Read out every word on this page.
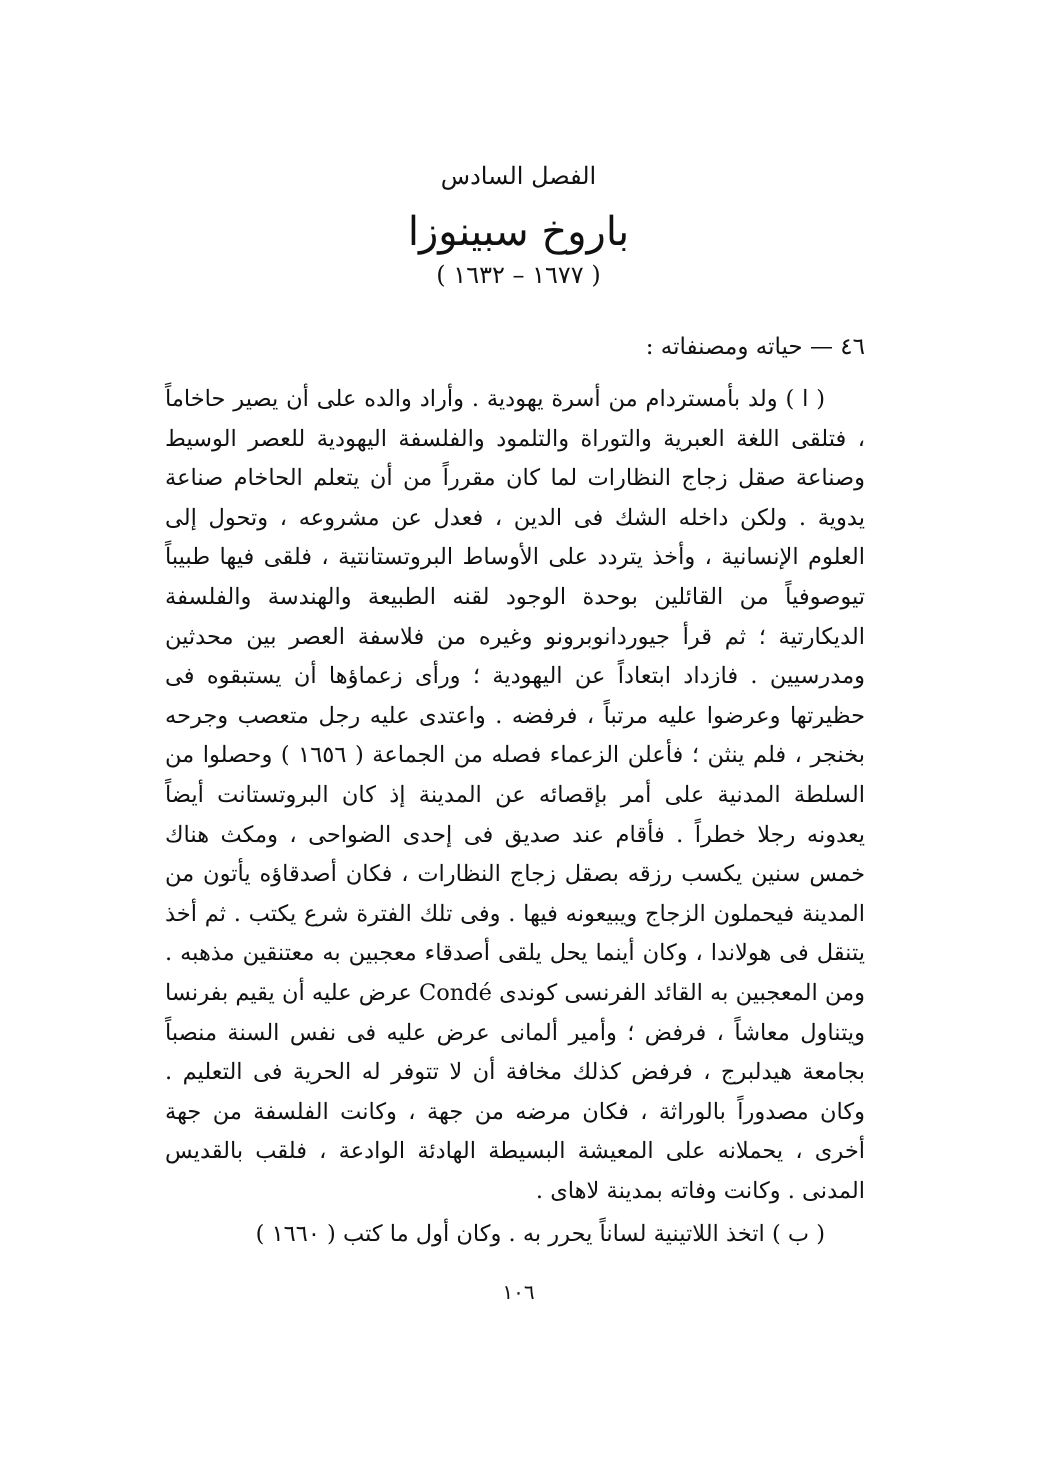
الفصل السادس
باروخ سبينوزا
( ١٦٧٧ – ١٦٣٢ )
٤٦ — حياته ومصنفاته :

( ا ) ولد بأمستردام من أسرة يهودية . وأراد والده على أن يصير حاخاماً ، فتلقى اللغة العبرية والتوراة والتلمود والفلسفة اليهودية للعصر الوسيط وصناعة صقل زجاج النظارات لما كان مقرراً من أن يتعلم الحاخام صناعة يدوية . ولكن داخله الشك فى الدين ، فعدل عن مشروعه ، وتحول إلى العلوم الإنسانية ، وأخذ يتردد على الأوساط البروتستانتية ، فلقى فيها طبيباً تيوصوفياً من القائلين بوحدة الوجود لقنه الطبيعة والهندسة والفلسفة الديكارتية ؛ ثم قرأ جيوردانوبرونو وغيره من فلاسفة العصر بين محدثين ومدرسيين . فازداد ابتعاداً عن اليهودية ؛ ورأى زعماؤها أن يستبقوه فى حظيرتها وعرضوا عليه مرتباً ، فرفضه . واعتدى عليه رجل متعصب وجرحه بخنجر ، فلم ينثن ؛ فأعلن الزعماء فصله من الجماعة ( ١٦٥٦ ) وحصلوا من السلطة المدنية على أمر بإقصائه عن المدينة إذ كان البروتستانت أيضاً يعدونه رجلا خطراً . فأقام عند صديق فى إحدى الضواحى ، ومكث هناك خمس سنين يكسب رزقه بصقل زجاج النظارات ، فكان أصدقاؤه يأتون من المدينة فيحملون الزجاج ويبيعونه فيها . وفى تلك الفترة شرع يكتب . ثم أخذ يتنقل فى هولاندا ، وكان أينما يحل يلقى أصدقاء معجبين به معتنقين مذهبه . ومن المعجبين به القائد الفرنسى كوندى Condé عرض عليه أن يقيم بفرنسا ويتناول معاشاً ، فرفض ؛ وأمير ألمانى عرض عليه فى نفس السنة منصباً بجامعة هيدلبرج ، فرفض كذلك مخافة أن لا تتوفر له الحرية فى التعليم . وكان مصدوراً بالوراثة ، فكان مرضه من جهة ، وكانت الفلسفة من جهة أخرى ، يحملانه على المعيشة البسيطة الهادئة الوادعة ، فلقب بالقديس المدنى . وكانت وفاته بمدينة لاهاى .

( ب ) اتخذ اللاتينية لساناً يحرر به . وكان أول ما كتب ( ١٦٦٠ )

١٠٦
